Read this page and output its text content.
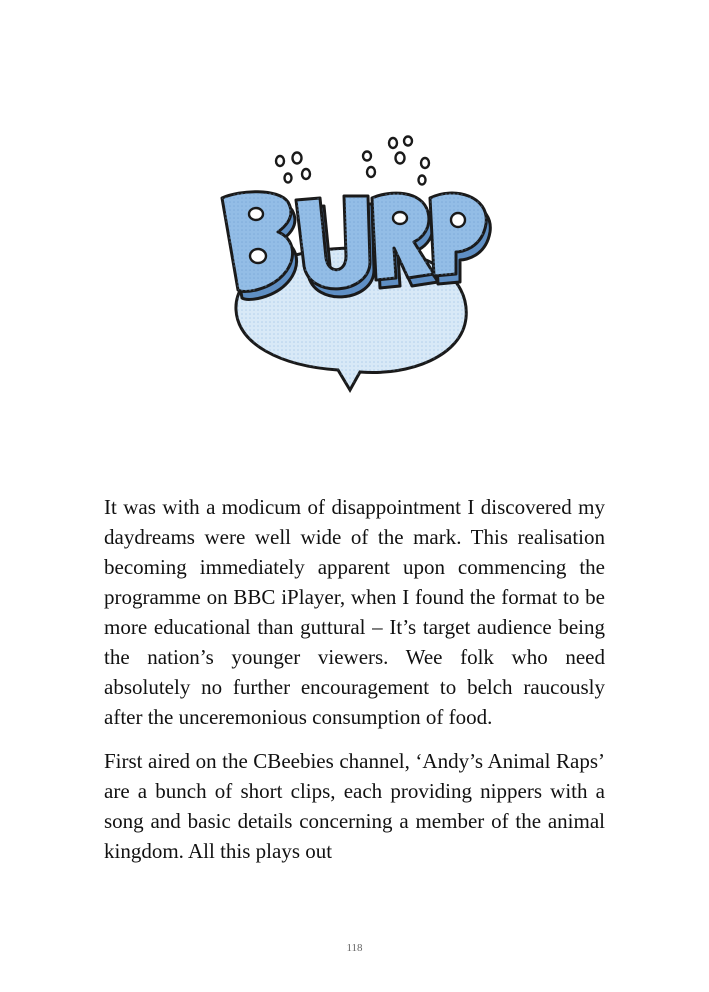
It was with a modicum of disappointment I discovered my daydreams were well wide of the mark. This realisation becoming immediately apparent upon commencing the programme on BBC iPlayer, when I found the format to be more educational than guttural – It’s target audience being the nation’s younger viewers. Wee folk who need absolutely no further encouragement to belch raucously after the unceremonious consumption of food.

First aired on the CBeebies channel, ‘Andy’s Animal Raps’ are a bunch of short clips, each providing nippers with a song and basic details concerning a member of the animal kingdom. All this plays out

118
